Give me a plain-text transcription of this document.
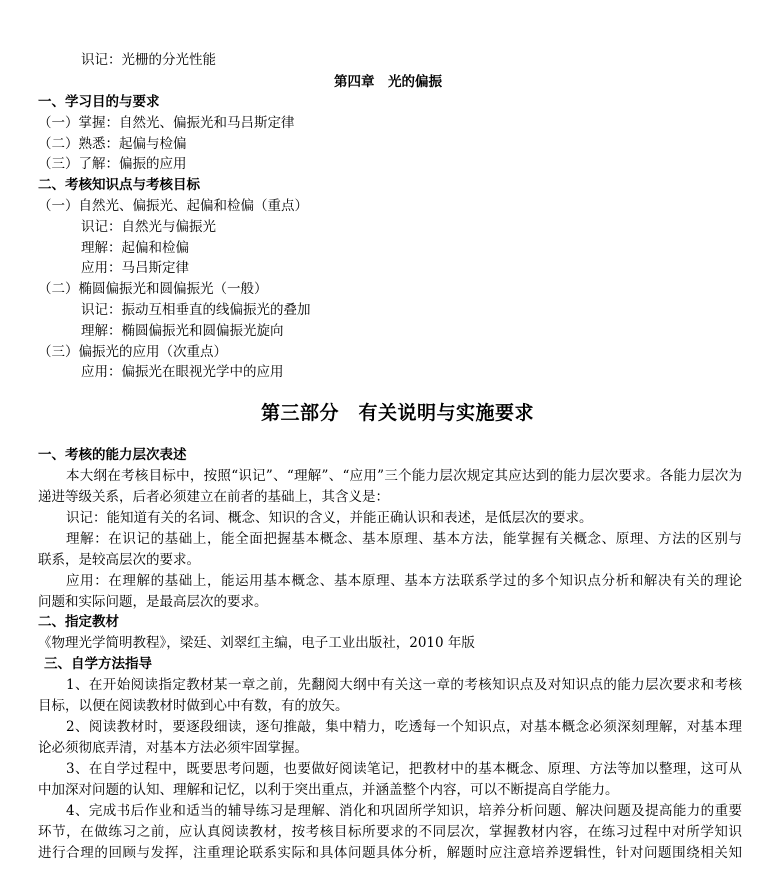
识记：光栅的分光性能
第四章　光的偏振
一、学习目的与要求
（一）掌握：自然光、偏振光和马吕斯定律
（二）熟悉：起偏与检偏
（三）了解：偏振的应用
二、考核知识点与考核目标
（一）自然光、偏振光、起偏和检偏（重点）
识记：自然光与偏振光
理解：起偏和检偏
应用：马吕斯定律
（二）椭圆偏振光和圆偏振光（一般）
识记：振动互相垂直的线偏振光的叠加
理解：椭圆偏振光和圆偏振光旋向
（三）偏振光的应用（次重点）
应用：偏振光在眼视光学中的应用
第三部分　有关说明与实施要求
一、考核的能力层次表述
本大纲在考核目标中，按照“识记”、“理解”、“应用”三个能力层次规定其应达到的能力层次要求。各能力层次为
递进等级关系，后者必须建立在前者的基础上，其含义是：
识记：能知道有关的名词、概念、知识的含义，并能正确认识和表述，是低层次的要求。
理解：在识记的基础上，能全面把握基本概念、基本原理、基本方法，能掌握有关概念、原理、方法的区别与
联系，是较高层次的要求。
应用：在理解的基础上，能运用基本概念、基本原理、基本方法联系学过的多个知识点分析和解决有关的理论
问题和实际问题，是最高层次的要求。
二、指定教材
《物理光学简明教程》，梁廷、刘翠红主编，电子工业出版社，2010 年版
三、自学方法指导
1、在开始阅读指定教材某一章之前，先翻阅大纲中有关这一章的考核知识点及对知识点的能力层次要求和考核
目标，以便在阅读教材时做到心中有数，有的放矢。
2、阅读教材时，要逐段细读，逐句推敲，集中精力，吃透每一个知识点，对基本概念必须深刻理解，对基本理
论必须彻底弄清，对基本方法必须牢固掌握。
3、在自学过程中，既要思考问题，也要做好阅读笔记，把教材中的基本概念、原理、方法等加以整理，这可从
中加深对问题的认知、理解和记忆，以利于突出重点，并涵盖整个内容，可以不断提高自学能力。
4、完成书后作业和适当的辅导练习是理解、消化和巩固所学知识，培养分析问题、解决问题及提高能力的重要
环节，在做练习之前，应认真阅读教材，按考核目标所要求的不同层次，掌握教材内容，在练习过程中对所学知识
进行合理的回顾与发挥，注重理论联系实际和具体问题具体分析，解题时应注意培养逻辑性，针对问题围绕相关知
